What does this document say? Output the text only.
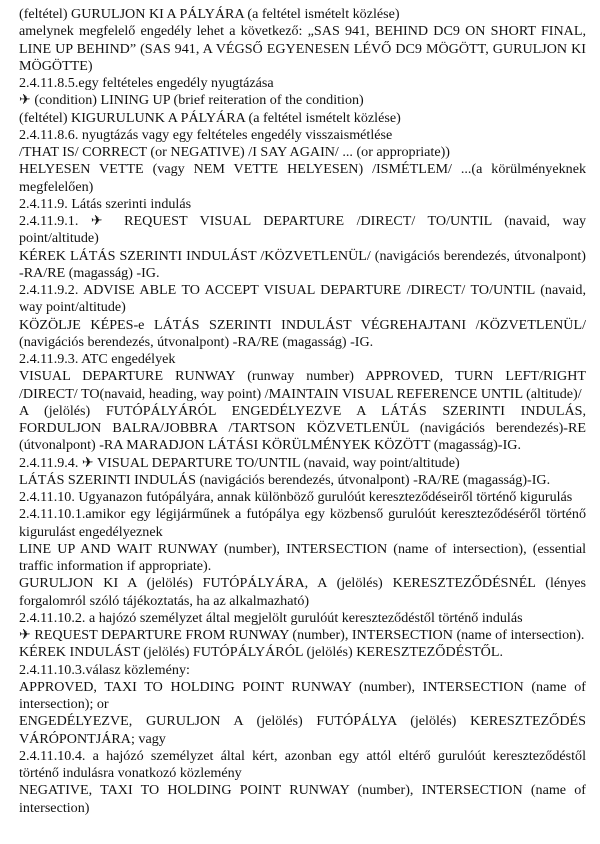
(feltétel) GURULJON KI A PÁLYÁRA (a feltétel ismételt közlése)

amelynek megfelelő engedély lehet a következő: „SAS 941, BEHIND DC9 ON SHORT FINAL, LINE UP BEHIND” (SAS 941, A VÉGSŐ EGYENESEN LÉVŐ DC9 MÖGÖTT, GURULJON KI MÖGÖTTE)

2.4.11.8.5.egy feltételes engedély nyugtázása

✈ (condition) LINING UP (brief reiteration of the condition)

(feltétel) KIGURULUNK A PÁLYÁRA (a feltétel ismételt közlése)

2.4.11.8.6. nyugtázás vagy egy feltételes engedély visszaismétlése

/THAT IS/ CORRECT (or NEGATIVE) /I SAY AGAIN/ ... (or appropriate))

HELYESEN VETTE (vagy NEM VETTE HELYESEN) /ISMÉTLEM/ ...(a körülményeknek megfelelően)

2.4.11.9. Látás szerinti indulás

2.4.11.9.1. ✈ REQUEST VISUAL DEPARTURE /DIRECT/ TO/UNTIL (navaid, way point/altitude)

KÉREK LÁTÁS SZERINTI INDULÁST /KÖZVETLENÜL/ (navigációs berendezés, útvonalpont) -RA/RE (magasság) -IG.

2.4.11.9.2. ADVISE ABLE TO ACCEPT VISUAL DEPARTURE /DIRECT/ TO/UNTIL (navaid, way point/altitude)

KÖZÖLJE KÉPES-e LÁTÁS SZERINTI INDULÁST VÉGREHAJTANI /KÖZVETLENÜL/ (navigációs berendezés, útvonalpont) -RA/RE (magasság) -IG.

2.4.11.9.3. ATC engedélyek

VISUAL DEPARTURE RUNWAY (runway number) APPROVED, TURN LEFT/RIGHT /DIRECT/ TO(navaid, heading, way point) /MAINTAIN VISUAL REFERENCE UNTIL (altitude)/

A (jelölés) FUTÓPÁLYÁRÓL ENGEDÉLYEZVE A LÁTÁS SZERINTI INDULÁS, FORDULJON BALRA/JOBBRA /TARTSON KÖZVETLENÜL (navigációs berendezés)-RE (útvonalpont) -RA MARADJON LÁTÁSI KÖRÜLMÉNYEK KÖZÖTT (magasság)-IG.

2.4.11.9.4. ✈ VISUAL DEPARTURE TO/UNTIL (navaid, way point/altitude)

LÁTÁS SZERINTI INDULÁS (navigációs berendezés, útvonalpont) -RA/RE (magasság)-IG.

2.4.11.10. Ugyanazon futópályára, annak különböző gurulóút kereszteződéseiről történő kigurulás

2.4.11.10.1.amikor egy légijárműnek a futópálya egy közbenső gurulóút kereszteződéséről történő kigurulást engedélyeznek

LINE UP AND WAIT RUNWAY (number), INTERSECTION (name of intersection), (essential traffic information if appropriate).

GURULJON KI A (jelölés) FUTÓPÁLYÁRA, A (jelölés) KERESZTEZŐDÉSNÉL (lényes forgalomról szóló tájékoztatás, ha az alkalmazható)

2.4.11.10.2. a hajózó személyzet által megjelölt gurulóút kereszteződéstől történő indulás

✈ REQUEST DEPARTURE FROM RUNWAY (number), INTERSECTION (name of intersection).

KÉREK INDULÁST (jelölés) FUTÓPÁLYÁRÓL (jelölés) KERESZTEZŐDÉSTŐL.

2.4.11.10.3.válasz közlemény:

APPROVED, TAXI TO HOLDING POINT RUNWAY (number), INTERSECTION (name of intersection); or

ENGEDÉLYEZVE, GURULJON A (jelölés) FUTÓPÁLYA (jelölés) KERESZTEZŐDÉS VÁRÓPONTJÁRA; vagy

2.4.11.10.4. a hajózó személyzet által kért, azonban egy attól eltérő gurulóút kereszteződéstől történő indulásra vonatkozó közlemény

NEGATIVE, TAXI TO HOLDING POINT RUNWAY (number), INTERSECTION (name of intersection)
